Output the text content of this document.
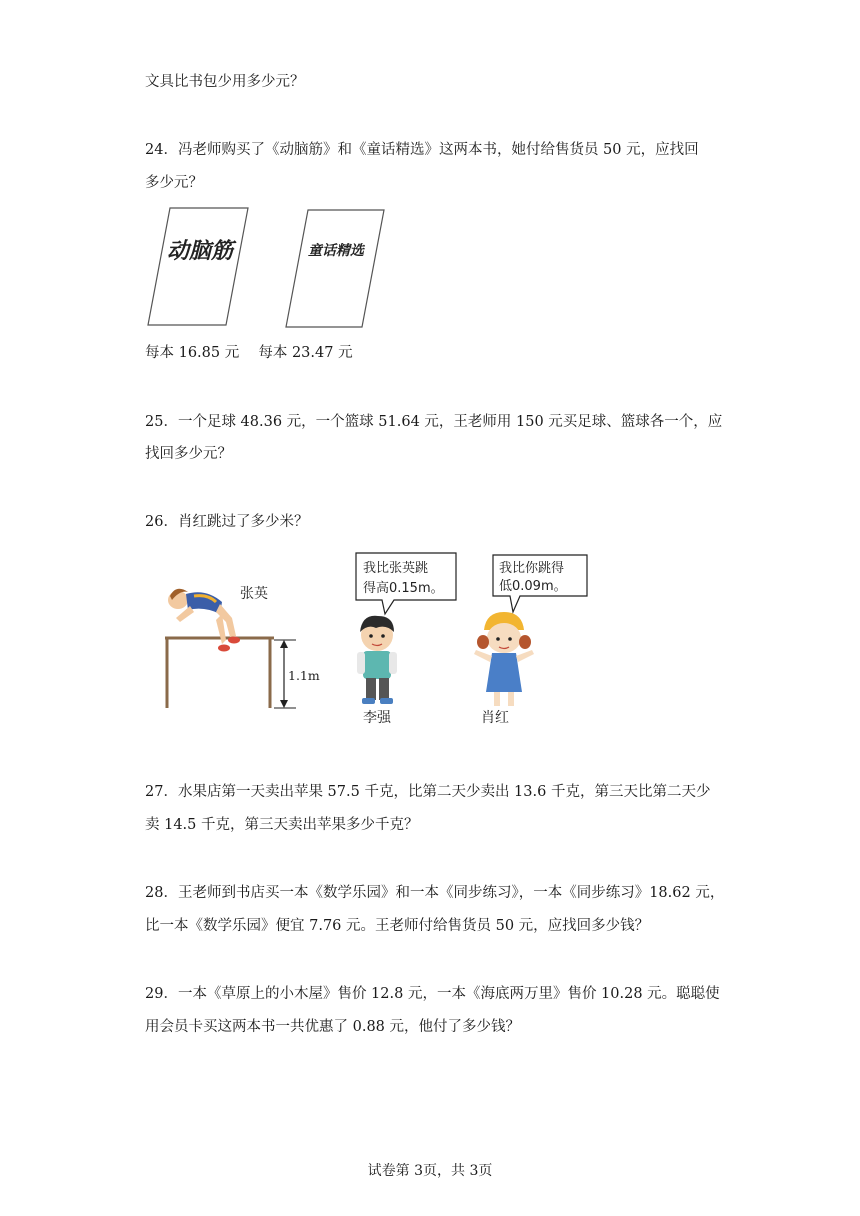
文具比书包少用多少元？
24．冯老师购买了《动脑筋》和《童话精选》这两本书，她付给售货员 50 元，应找回
多少元？
动脑筋	童话精选
每本 16.85 元　 每本 23.47 元
25．一个足球 48.36 元，一个篮球 51.64 元，王老师用 150 元买足球、篮球各一个，应
找回多少元？
26．肖红跳过了多少米？
1.1m
张英
我比张英跳
得高0.15m。
李强
我比你跳得
低0.09m。
肖红
27．水果店第一天卖出苹果 57.5 千克，比第二天少卖出 13.6 千克，第三天比第二天少
卖 14.5 千克，第三天卖出苹果多少千克？
28．王老师到书店买一本《数学乐园》和一本《同步练习》，一本《同步练习》18.62 元，
比一本《数学乐园》便宜 7.76 元。王老师付给售货员 50 元，应找回多少钱？
29．一本《草原上的小木屋》售价 12.8 元，一本《海底两万里》售价 10.28 元。聪聪使
用会员卡买这两本书一共优惠了 0.88 元，他付了多少钱？
试卷第 3页，共 3页
